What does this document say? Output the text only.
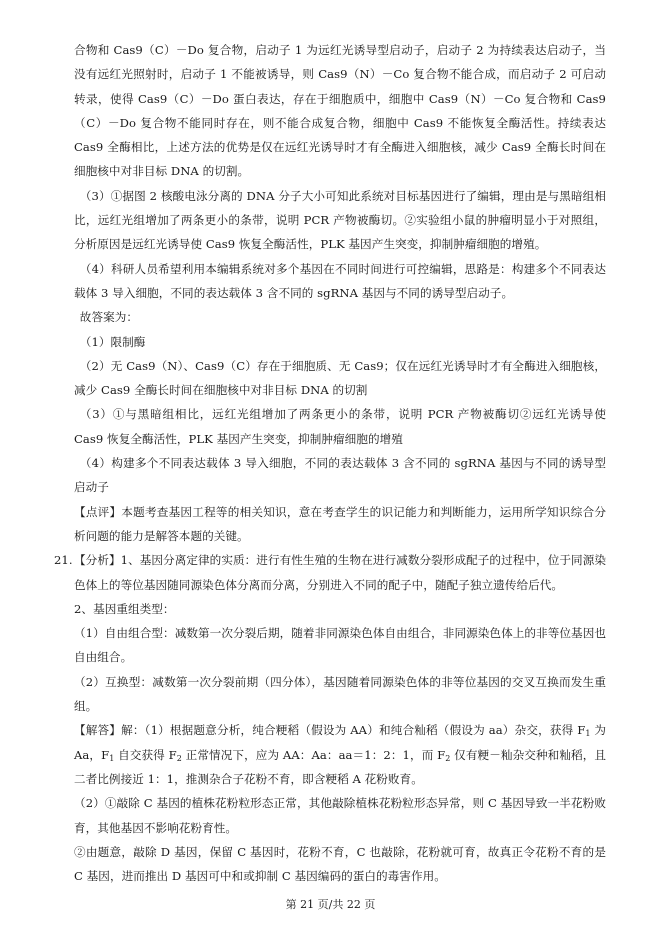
合物和 Cas9（C）－Do 复合物，启动子 1 为远红光诱导型启动子，启动子 2 为持续表达启动子，当没有远红光照射时，启动子 1 不能被诱导，则 Cas9（N）－Co 复合物不能合成，而启动子 2 可启动转录，使得 Cas9（C）－Do 蛋白表达，存在于细胞质中，细胞中 Cas9（N）－Co 复合物和 Cas9（C）－Do 复合物不能同时存在，则不能合成复合物，细胞中 Cas9 不能恢复全酶活性。持续表达 Cas9 全酶相比，上述方法的优势是仅在远红光诱导时才有全酶进入细胞核，减少 Cas9 全酶长时间在细胞核中对非目标 DNA 的切割。

（3）①据图 2 核酸电泳分离的 DNA 分子大小可知此系统对目标基因进行了编辑，理由是与黑暗组相比，远红光组增加了两条更小的条带，说明 PCR 产物被酶切。②实验组小鼠的肿瘤明显小于对照组，分析原因是远红光诱导使 Cas9 恢复全酶活性，PLK 基因产生突变，抑制肿瘤细胞的增殖。

（4）科研人员希望利用本编辑系统对多个基因在不同时间进行可控编辑，思路是：构建多个不同表达载体 3 导入细胞，不同的表达载体 3 含不同的 sgRNA 基因与不同的诱导型启动子。

故答案为：

（1）限制酶

（2）无 Cas9（N）、Cas9（C）存在于细胞质、无 Cas9；仅在远红光诱导时才有全酶进入细胞核，减少 Cas9 全酶长时间在细胞核中对非目标 DNA 的切割

（3）①与黑暗组相比，远红光组增加了两条更小的条带，说明 PCR 产物被酶切②远红光诱导使 Cas9 恢复全酶活性，PLK 基因产生突变，抑制肿瘤细胞的增殖

（4）构建多个不同表达载体 3 导入细胞，不同的表达载体 3 含不同的 sgRNA 基因与不同的诱导型启动子

【点评】本题考查基因工程等的相关知识，意在考查学生的识记能力和判断能力，运用所学知识综合分析问题的能力是解答本题的关键。

21. 【分析】1、基因分离定律的实质：进行有性生殖的生物在进行减数分裂形成配子的过程中，位于同源染色体上的等位基因随同源染色体分离而分离，分别进入不同的配子中，随配子独立遗传给后代。

2、基因重组类型：

（1）自由组合型：减数第一次分裂后期，随着非同源染色体自由组合，非同源染色体上的非等位基因也自由组合。

（2）互换型：减数第一次分裂前期（四分体），基因随着同源染色体的非等位基因的交叉互换而发生重组。

【解答】解：（1）根据题意分析，纯合粳稻（假设为 AA）和纯合籼稻（假设为 aa）杂交，获得 $F_1$ 为 Aa，$F_1$ 自交获得 $F_2$ 正常情况下，应为 AA：Aa：aa＝1：2：1，而 $F_2$ 仅有粳－籼杂交种和籼稻，且二者比例接近 1：1，推测杂合子花粉不育，即含粳稻 A 花粉败育。

（2）①敲除 C 基因的植株花粉粒形态正常，其他敲除植株花粉粒形态异常，则 C 基因导致一半花粉败育，其他基因不影响花粉育性。

②由题意，敲除 D 基因，保留 C 基因时，花粉不育，C 也敲除，花粉就可育，故真正令花粉不育的是 C 基因，进而推出 D 基因可中和或抑制 C 基因编码的蛋白的毒害作用。

第 21 页/共 22 页
